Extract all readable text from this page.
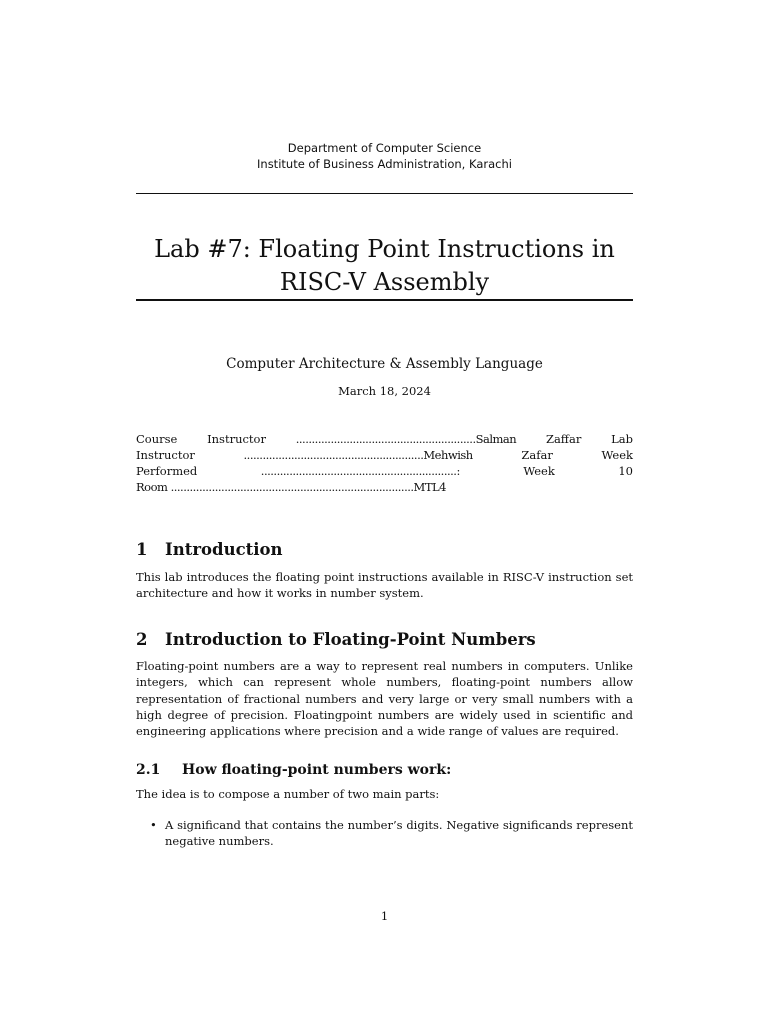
Department of Computer Science
Institute of Business Administration, Karachi
Lab #7: Floating Point Instructions in RISC-V Assembly
Computer Architecture & Assembly Language
March 18, 2024
Course	Instructor	.........................................................Salman	Zaffar	Lab
Instructor	.........................................................Mehwish	Zafar	Week
Performed	..............................................................:	Week	10
Room .............................................................................MTL4
1 Introduction

This lab introduces the floating point instructions available in RISC-V instruction set architecture and how it works in number system.

2 Introduction to Floating-Point Numbers

Floating-point numbers are a way to represent real numbers in computers. Unlike integers, which can represent whole numbers, floating-point numbers allow representation of fractional numbers and very large or very small numbers with a high degree of precision. Floatingpoint numbers are widely used in scientific and engineering applications where precision and a wide range of values are required.

2.1 How floating-point numbers work:

The idea is to compose a number of two main parts:

• A significand that contains the number’s digits. Negative significands represent negative numbers.
1
